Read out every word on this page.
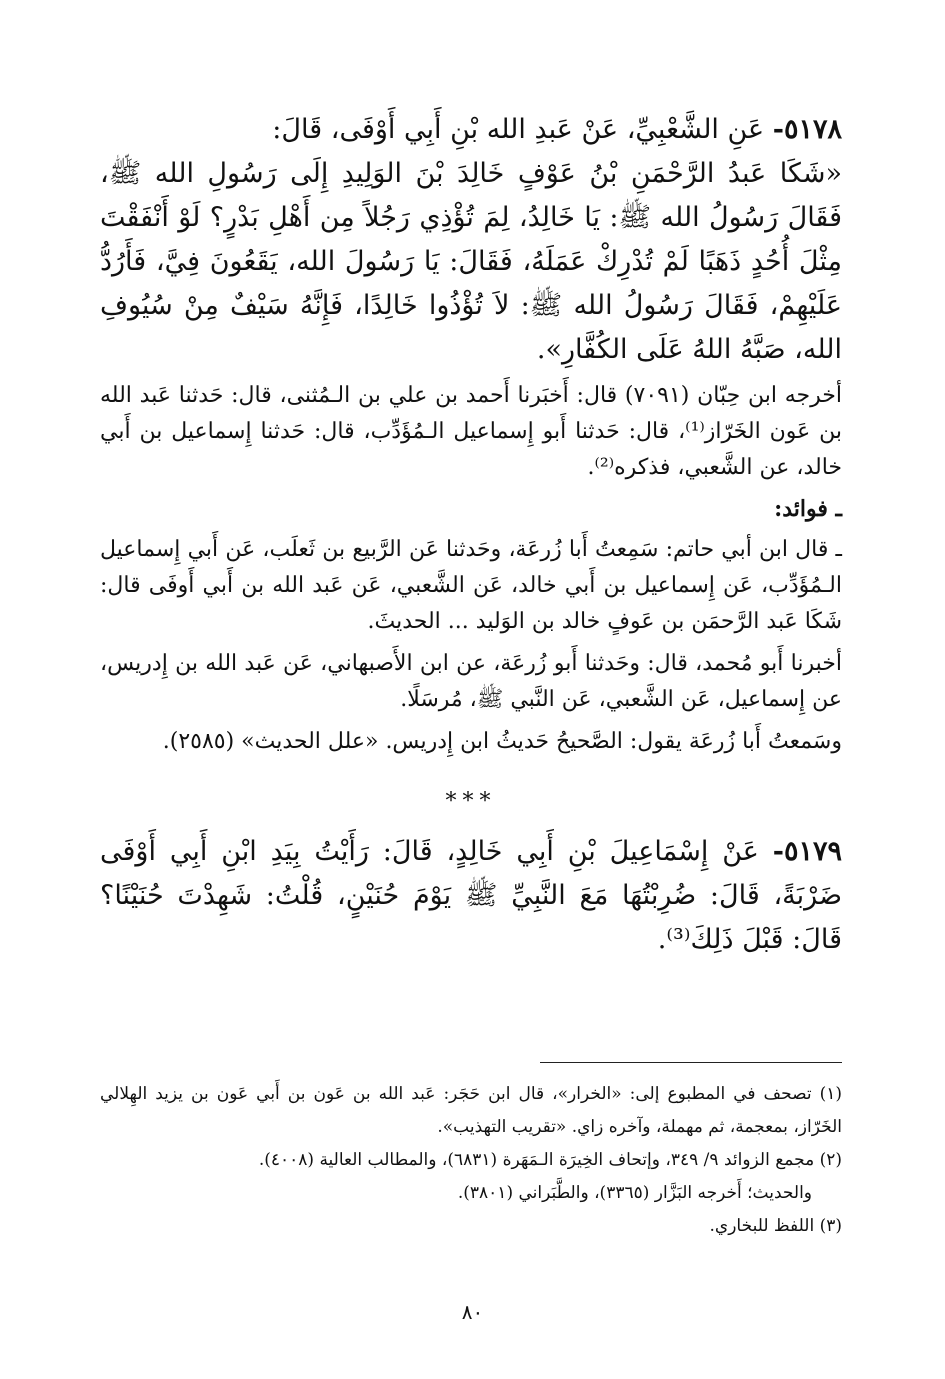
٥١٧٨- عَنِ الشَّعْبِيِّ، عَنْ عَبدِ الله بْنِ أَبِي أَوْفَى، قَالَ:

«شَكَا عَبدُ الرَّحْمَنِ بْنُ عَوْفٍ خَالِدَ بْنَ الوَلِيدِ إِلَى رَسُولِ الله ﷺ، فَقَالَ رَسُولُ الله ﷺ: يَا خَالِدُ، لِمَ تُؤْذِي رَجُلاً مِن أَهْلِ بَدْرٍ؟ لَوْ أَنْفَقْتَ مِثْلَ أُحُدٍ ذَهَبًا لَمْ تُدْرِكْ عَمَلَهُ، فَقَالَ: يَا رَسُولَ الله، يَقَعُونَ فِيَّ، فَأَرُدُّ عَلَيْهِمْ، فَقَالَ رَسُولُ الله ﷺ: لاَ تُؤْذُوا خَالِدًا، فَإِنَّهُ سَيْفٌ مِنْ سُيُوفِ الله، صَبَّهُ اللهُ عَلَى الكُفَّارِ».

أخرجه ابن حِبّان (٧٠٩١) قال: أَخبَرنا أَحمد بن علي بن الـمُثنى، قال: حَدثنا عَبد الله بن عَون الخَرّاز⁽¹⁾، قال: حَدثنا أَبو إِسماعيل الـمُؤَدِّب، قال: حَدثنا إِسماعيل بن أَبي خالد، عن الشَّعبي، فذكره⁽²⁾.

ـ فوائد:

ـ قال ابن أبي حاتم: سَمِعتُ أَبا زُرعَة، وحَدثنا عَن الرَّبيع بن ثَعلَب، عَن أَبي إِسماعيل الـمُؤَدِّب، عَن إِسماعيل بن أَبي خالد، عَن الشَّعبي، عَن عَبد الله بن أَبي أَوفَى قال: شَكَا عَبد الرَّحمَن بن عَوفٍ خالد بن الوَليد ... الحديثَ.

أخبرنا أَبو مُحمد، قال: وحَدثنا أَبو زُرعَة، عن ابن الأَصبهاني، عَن عَبد الله بن إِدريس، عن إِسماعيل، عَن الشَّعبي، عَن النَّبي ﷺ، مُرسَلًا.

وسَمعتُ أَبا زُرعَة يقول: الصَّحيحُ حَديثُ ابن إِدريس. «علل الحديث» (٢٥٨٥).

***

٥١٧٩- عَنْ إِسْمَاعِيلَ بْنِ أَبِي خَالِدٍ، قَالَ: رَأَيْتُ بِيَدِ ابْنِ أَبِي أَوْفَى ضَرْبَةً، قَالَ: ضُرِبْتُهَا مَعَ النَّبِيِّ ﷺ يَوْمَ حُنَيْنٍ، قُلْتُ: شَهِدْتَ حُنَيْنًا؟ قَالَ: قَبْلَ ذَلِكَ⁽³⁾.

(١) تصحف في المطبوع إلى: «الخرار»، قال ابن حَجَر: عَبد الله بن عَون بن أَبي عَون بن يزيد الهِلالي الخَرّاز، بمعجمة، ثم مهملة، وآخره زاي. «تقريب التهذيب».

(٢) مجمع الزوائد ٩/ ٣٤٩، وإتحاف الخِيرَة الـمَهَرة (٦٨٣١)، والمطالب العالية (٤٠٠٨).

والحديث؛ أَخرجه البَزَّار (٣٣٦٥)، والطَّبَراني (٣٨٠١).

(٣) اللفظ للبخاري.

٨٠
